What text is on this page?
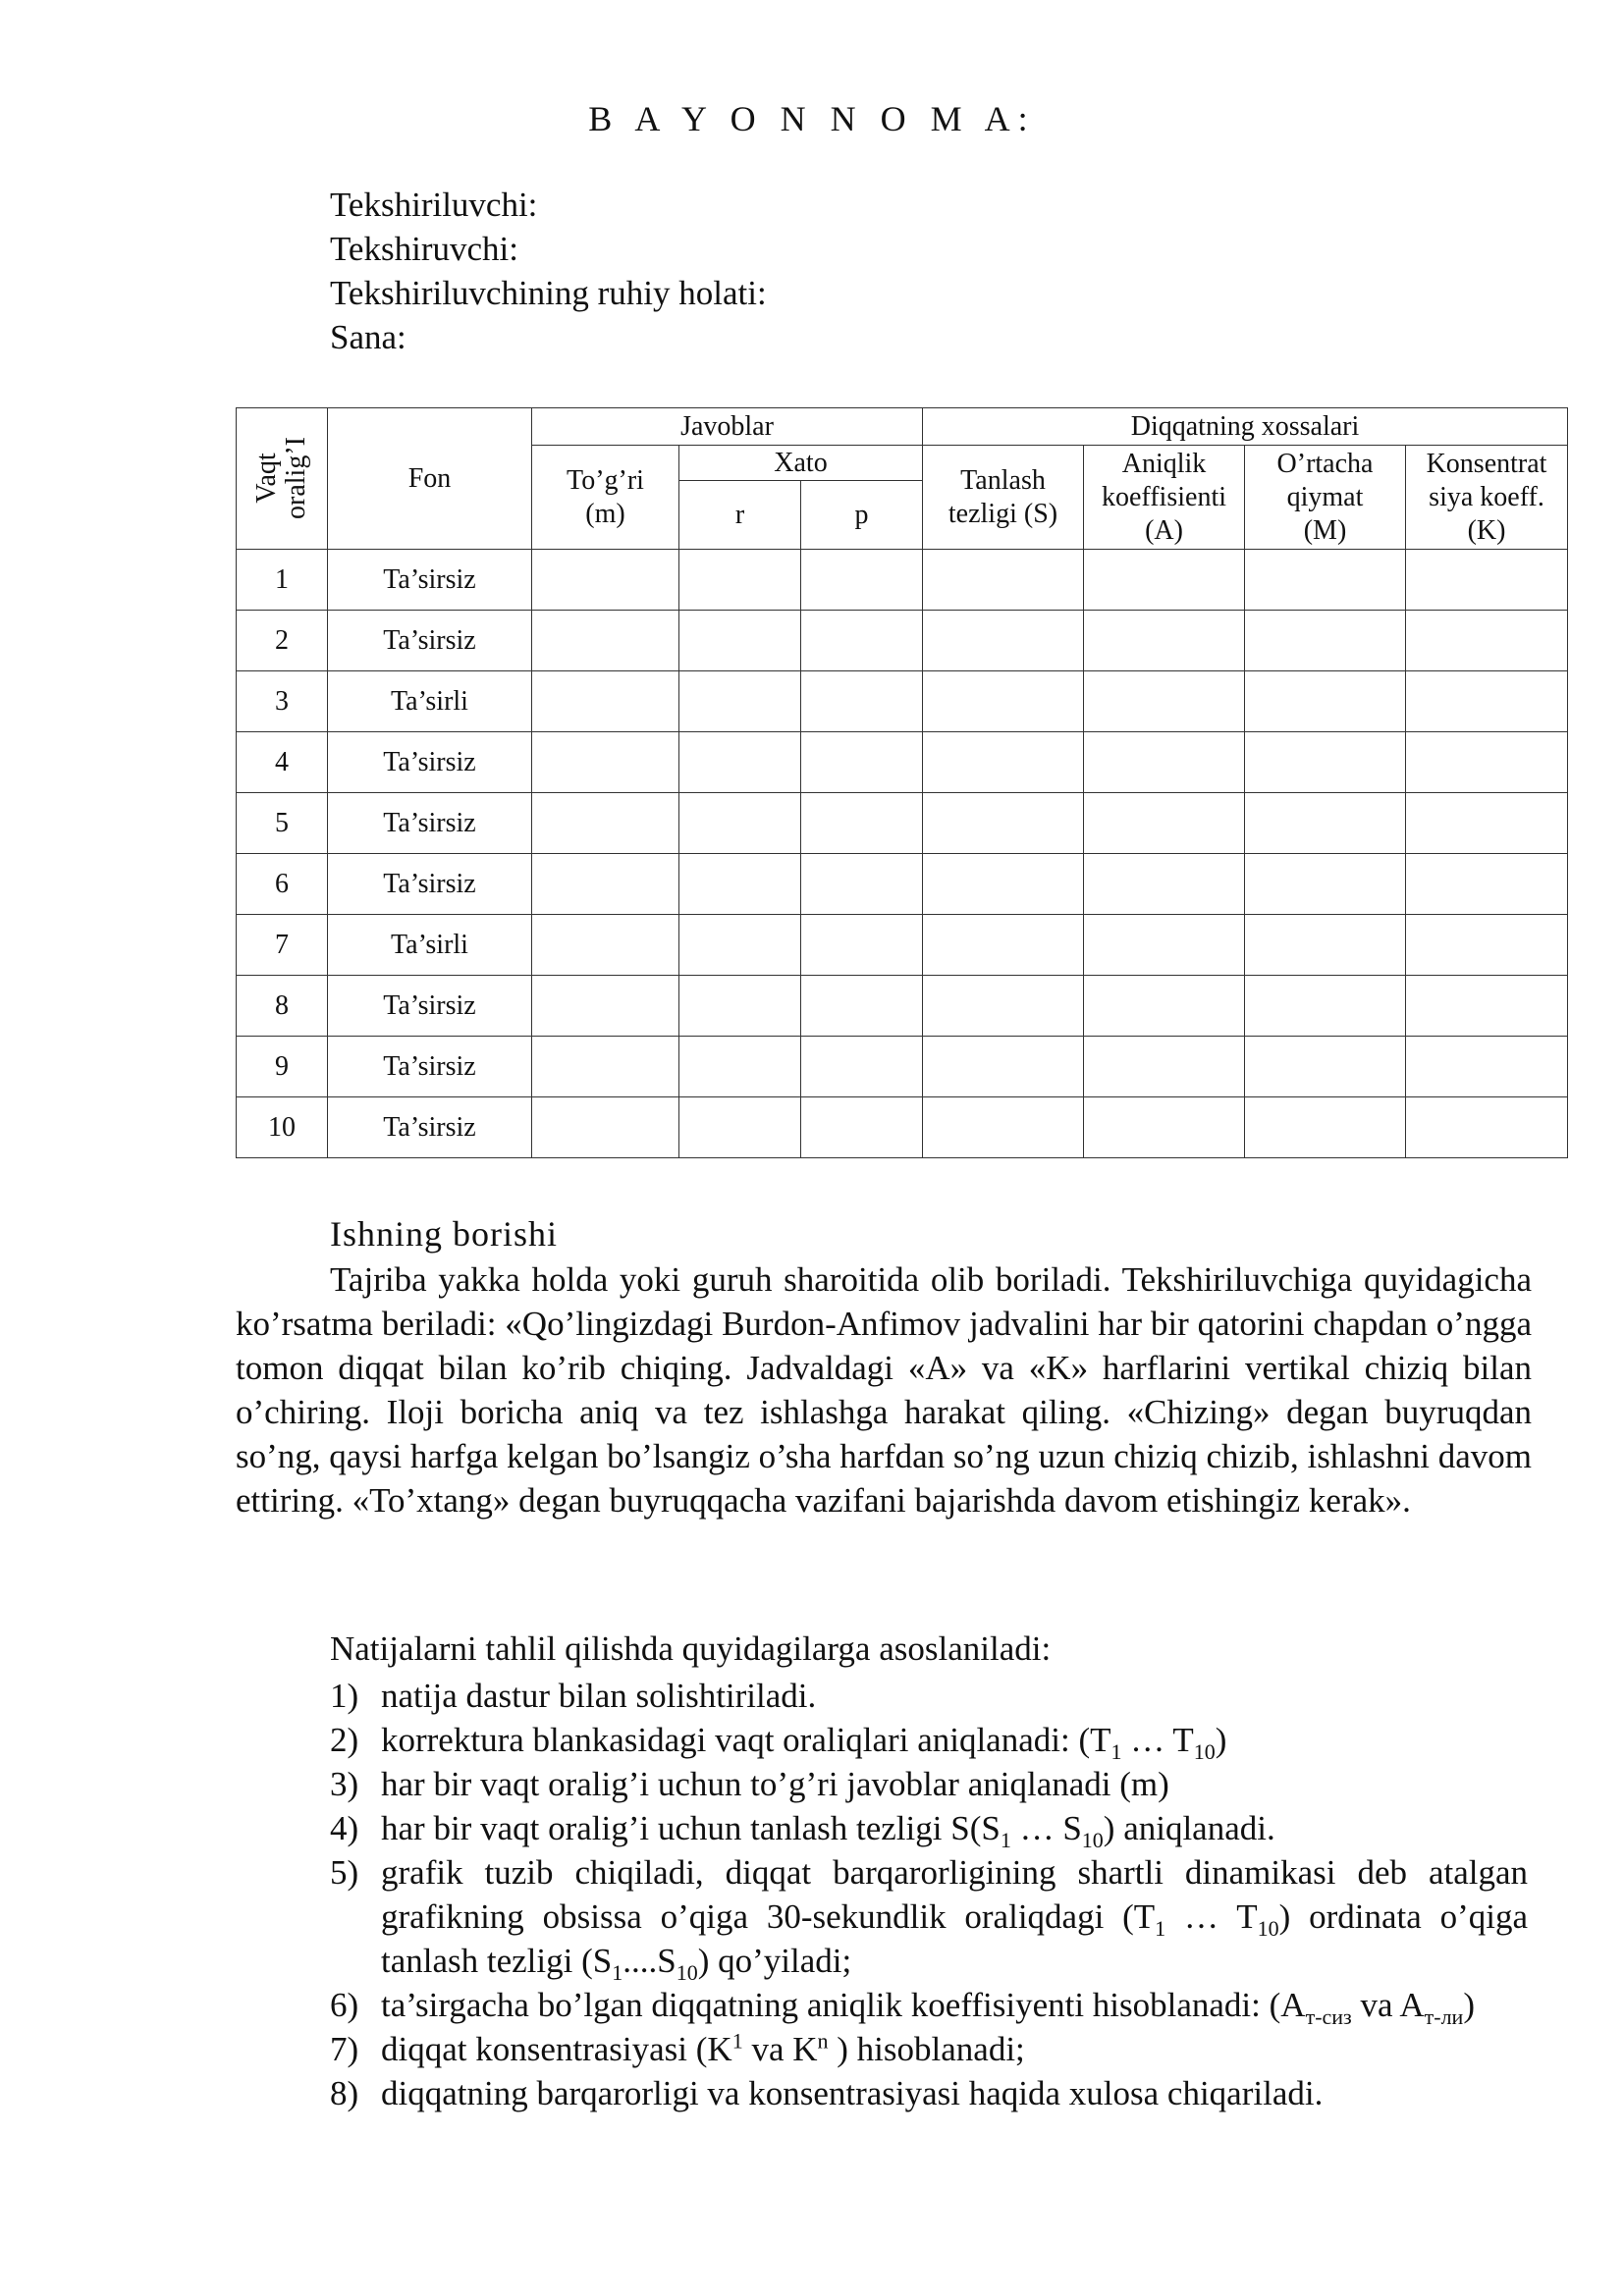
B A Y O N N O M A:
Tekshiriluvchi:
Tekshiruvchi:
Tekshiriluvchining ruhiy holati:
Sana:
Vaqt oralig’I	Fon	Javoblar			Diqqatning xossalari			
		To’g’ri (m)	Xato		Tanlash tezligi (S)	Aniqlik koeffisienti (A)	O’rtacha qiymat (M)	Konsentrat siya koeff. (K)
			r	p				
1	Ta’sirsiz							
2	Ta’sirsiz							
3	Ta’sirli							
4	Ta’sirsiz							
5	Ta’sirsiz							
6	Ta’sirsiz							
7	Ta’sirli							
8	Ta’sirsiz							
9	Ta’sirsiz							
10	Ta’sirsiz							
Ishning borishi
Tajriba yakka holda yoki guruh sharoitida olib boriladi. Tekshiriluvchiga quyidagicha ko’rsatma beriladi: «Qo’lingizdagi Burdon-Anfimov jadvalini har bir qatorini chapdan o’ngga tomon diqqat bilan ko’rib chiqing. Jadvaldagi «A» va «K» harflarini vertikal chiziq bilan o’chiring. Iloji boricha aniq va tez ishlashga harakat qiling. «Chizing» degan buyruqdan so’ng, qaysi harfga kelgan bo’lsangiz o’sha harfdan so’ng uzun chiziq chizib, ishlashni davom ettiring. «To’xtang» degan buyruqqacha vazifani bajarishda davom etishingiz kerak».
Natijalarni tahlil qilishda quyidagilarga asoslaniladi:
1) natija dastur bilan solishtiriladi.
2) korrektura blankasidagi vaqt oraliqlari aniqlanadi: ($T_1$ … $T_{10}$)
3) har bir vaqt oralig’i uchun to’g’ri javoblar aniqlanadi (m)
4) har bir vaqt oralig’i uchun tanlash tezligi $S(S_1$ … $S_{10}$) aniqlanadi.
5) grafik tuzib chiqiladi, diqqat barqarorligining shartli dinamikasi deb atalgan grafikning obsissa o’qiga 30-sekundlik oraliqdagi ($T_1$ … $T_{10}$) ordinata o’qiga tanlash tezligi $(S_1....S_{10})$ qo’yiladi;
6) ta’sirgacha bo’lgan diqqatning aniqlik koeffisiyenti hisoblanadi: ($A_{т-сиз}$ va $A_{т-ли}$)
7) diqqat konsentrasiyasi ($K^1$ va $K^n$ ) hisoblanadi;
8) diqqatning barqarorligi va konsentrasiyasi haqida xulosa chiqariladi.
